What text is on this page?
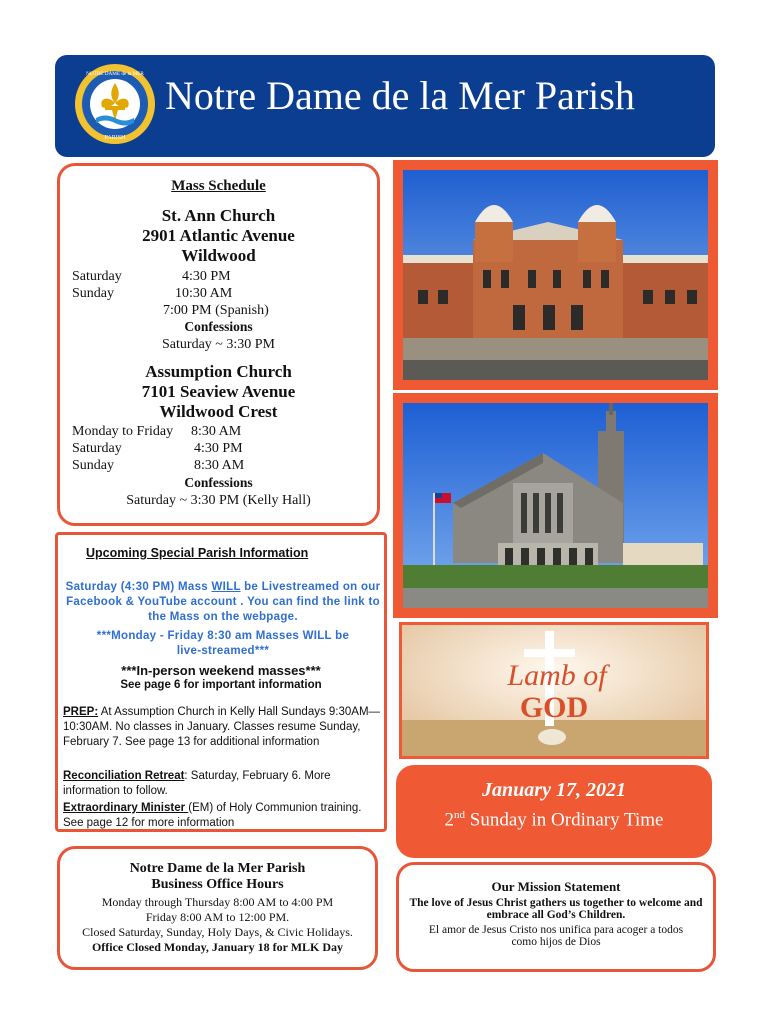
PARISH
NOTRE DAME de la MER Notre Dame de la Mer Parish
Mass Schedule
St. Ann Church
2901 Atlantic Avenue
Wildwood
Saturday	4:30 PM
Sunday	10:30 AM
7:00 PM (Spanish)
Confessions
Saturday ~ 3:30 PM
Assumption Church
7101 Seaview Avenue
Wildwood Crest
Monday to Friday 8:30 AM
Saturday	4:30 PM
Sunday	8:30 AM
Confessions
Saturday ~ 3:30 PM (Kelly Hall)
Lamb of
GOD
Upcoming Special Parish Information
Saturday (4:30 PM) Mass WILL be Livestreamed on our Facebook & YouTube account . You can find the link to the Mass on the webpage.
***Monday - Friday 8:30 am Masses WILL be live-streamed***
***In-person weekend masses***
See page 6 for important information
PREP: At Assumption Church in Kelly Hall Sundays 9:30AM—10:30AM. No classes in January. Classes resume Sunday, February 7. See page 13 for additional information
Reconciliation Retreat: Saturday, February 6. More information to follow.
Extraordinary Minister (EM) of Holy Communion training. See page 12 for more information
January 17, 2021
2nd Sunday in Ordinary Time
Notre Dame de la Mer Parish
Business Office Hours
Monday through Thursday 8:00 AM to 4:00 PM
Friday 8:00 AM to 12:00 PM.
Closed Saturday, Sunday, Holy Days, & Civic Holidays.
Office Closed Monday, January 18 for MLK Day
Our Mission Statement
The love of Jesus Christ gathers us together to welcome and embrace all God’s Children.
El amor de Jesus Cristo nos unifica para acoger a todos como hijos de Dios
